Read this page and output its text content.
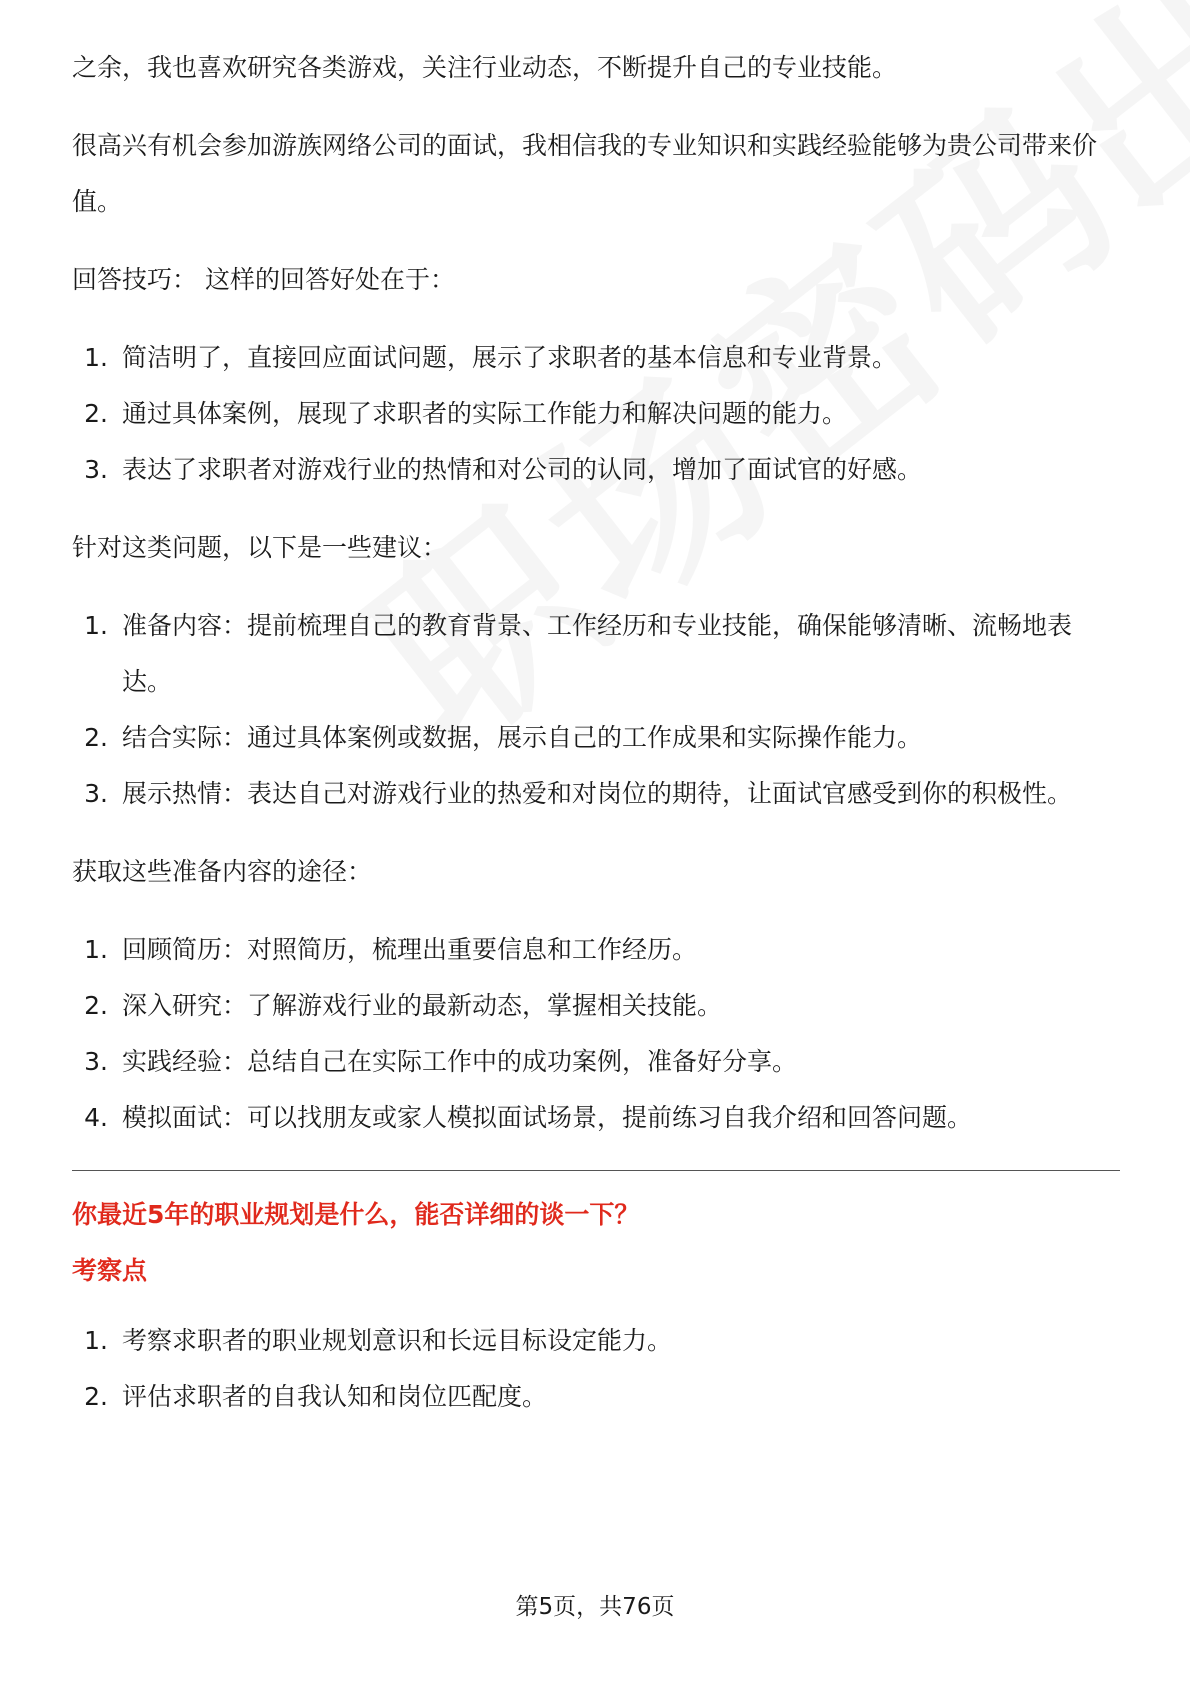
之余，我也喜欢研究各类游戏，关注行业动态，不断提升自己的专业技能。

很高兴有机会参加游族网络公司的面试，我相信我的专业知识和实践经验能够为贵公司带来价值。

回答技巧： 这样的回答好处在于：

1. 简洁明了，直接回应面试问题，展示了求职者的基本信息和专业背景。
2. 通过具体案例，展现了求职者的实际工作能力和解决问题的能力。
3. 表达了求职者对游戏行业的热情和对公司的认同，增加了面试官的好感。

针对这类问题，以下是一些建议：

1. 准备内容：提前梳理自己的教育背景、工作经历和专业技能，确保能够清晰、流畅地表达。
2. 结合实际：通过具体案例或数据，展示自己的工作成果和实际操作能力。
3. 展示热情：表达自己对游戏行业的热爱和对岗位的期待，让面试官感受到你的积极性。

获取这些准备内容的途径：

1. 回顾简历：对照简历，梳理出重要信息和工作经历。
2. 深入研究：了解游戏行业的最新动态，掌握相关技能。
3. 实践经验：总结自己在实际工作中的成功案例，准备好分享。
4. 模拟面试：可以找朋友或家人模拟面试场景，提前练习自我介绍和回答问题。

你最近5年的职业规划是什么，能否详细的谈一下？

考察点

1. 考察求职者的职业规划意识和长远目标设定能力。
2. 评估求职者的自我认知和岗位匹配度。
第5页，共76页
